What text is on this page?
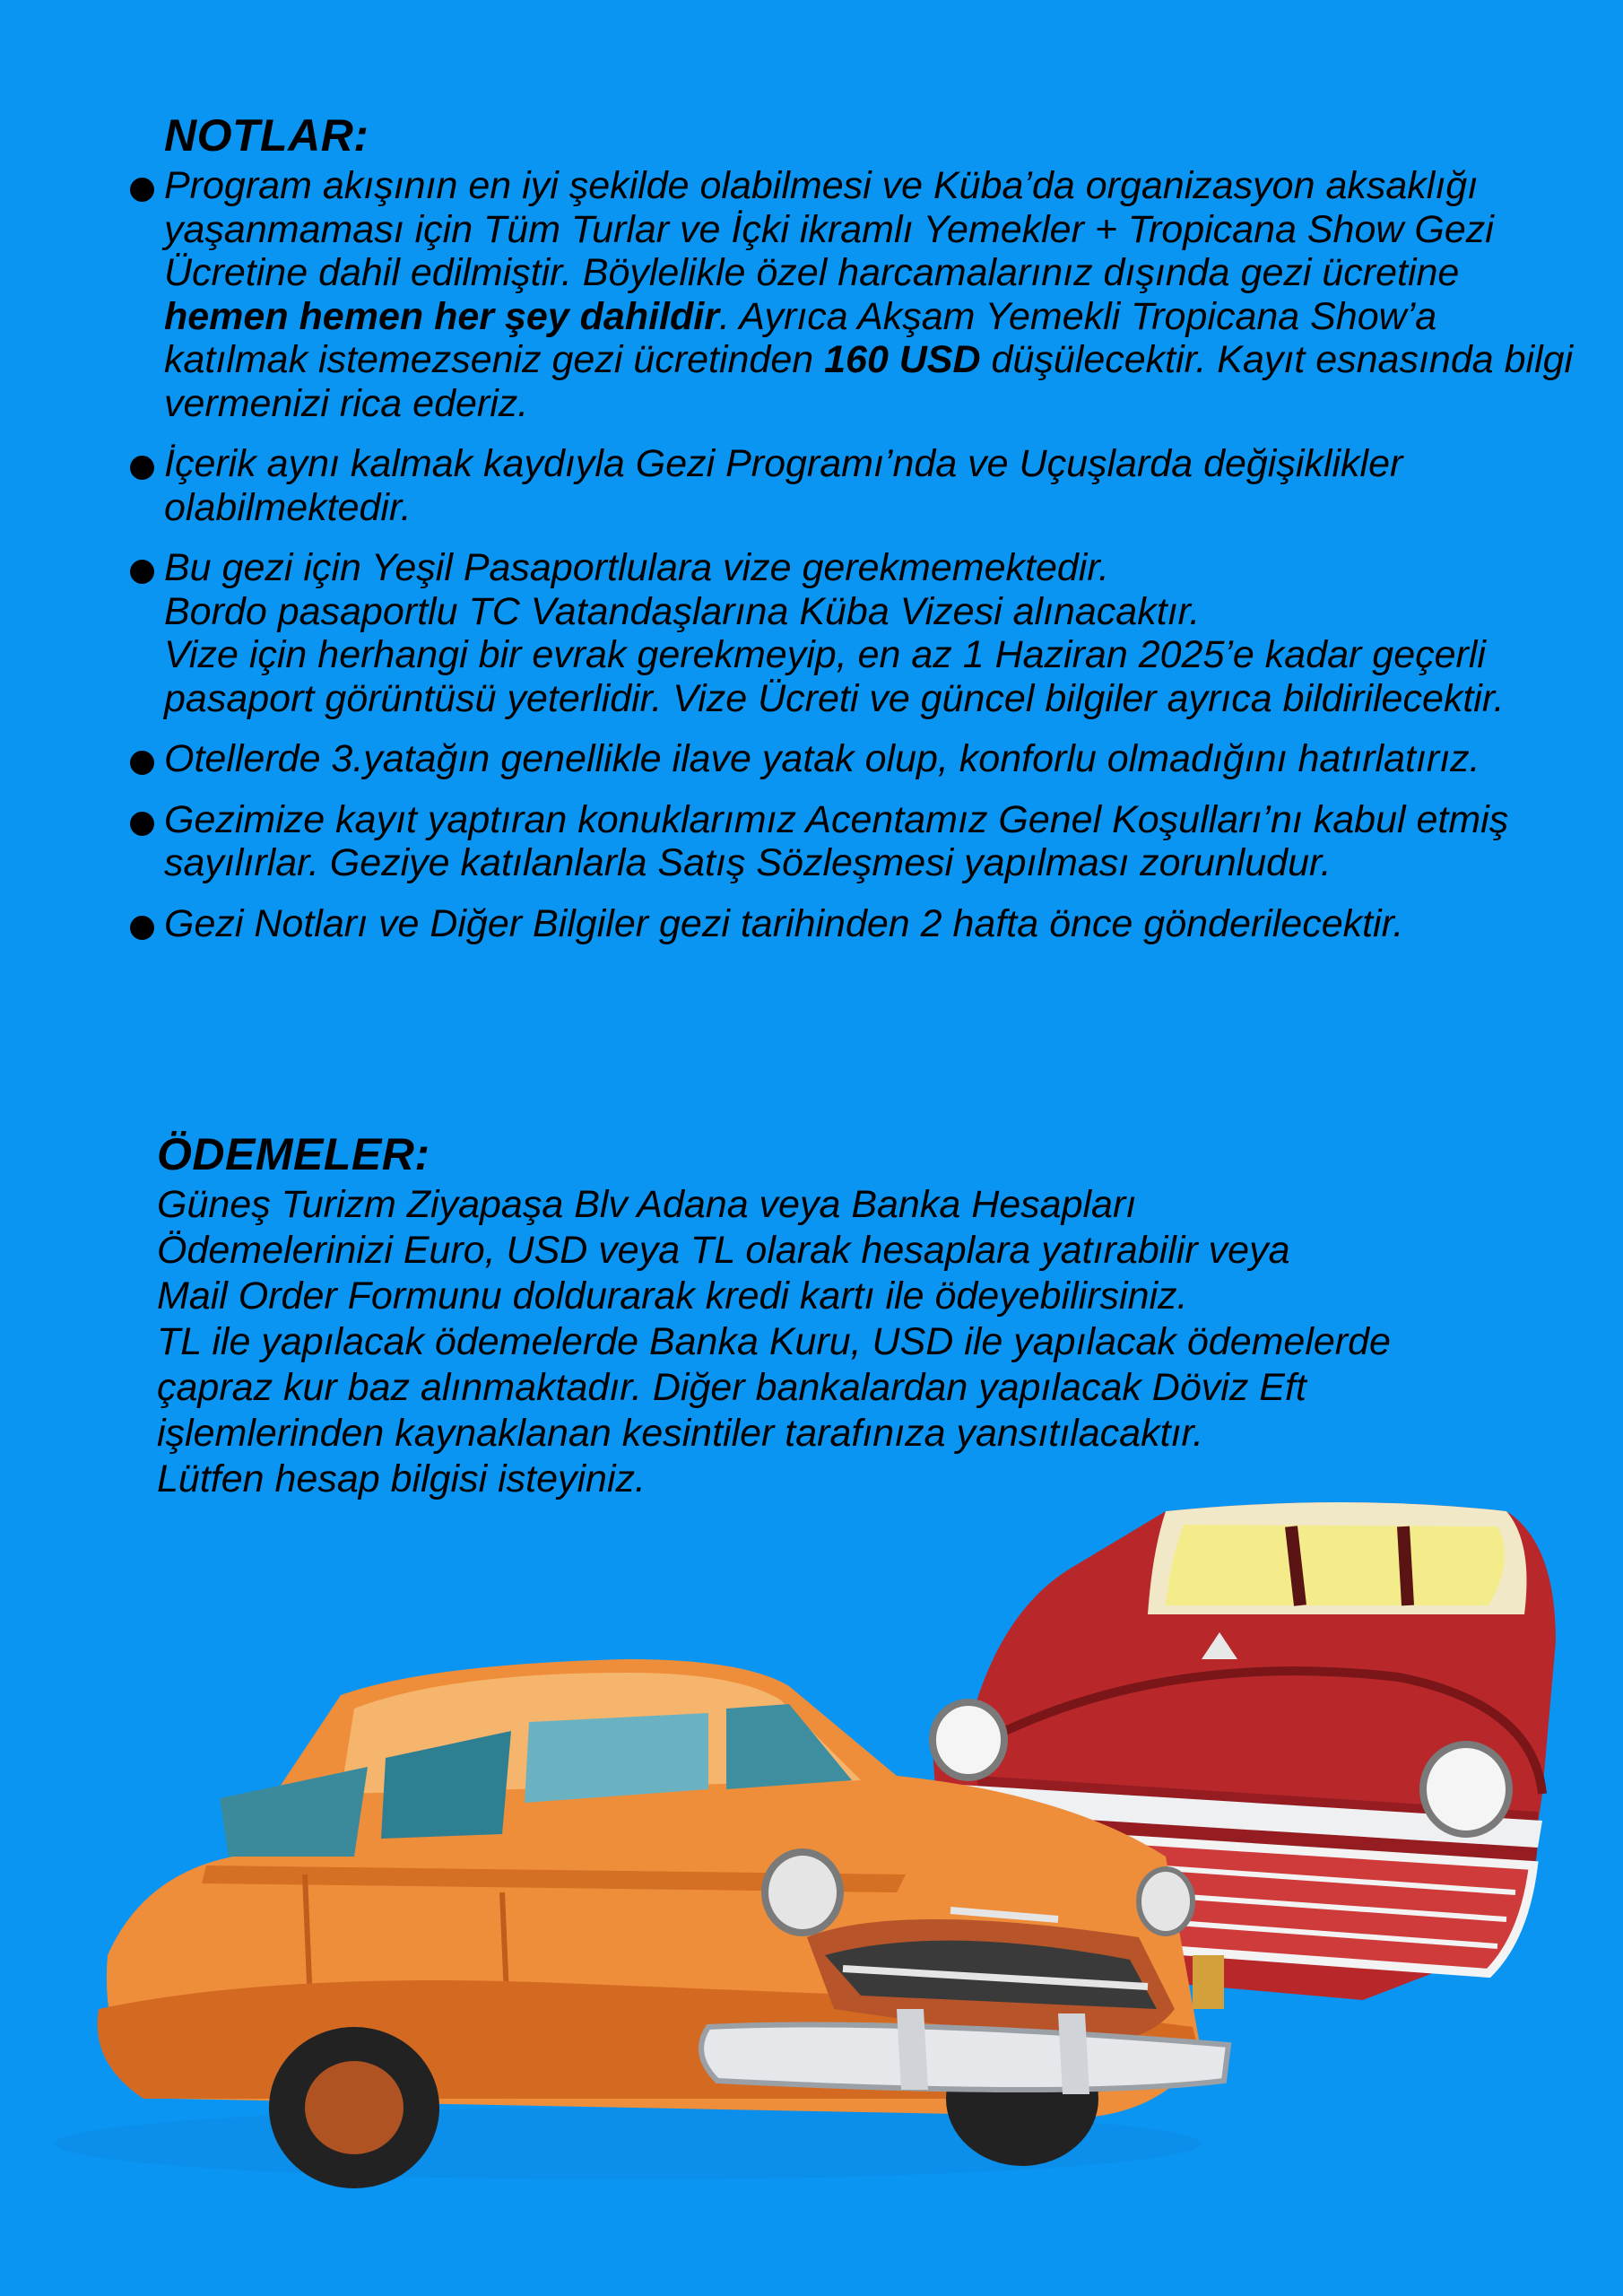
NOTLAR:

Program akışının en iyi şekilde olabilmesi ve Küba’da organizasyon aksaklığı yaşanmaması için Tüm Turlar ve İçki ikramlı Yemekler + Tropicana Show Gezi Ücretine dahil edilmiştir. Böylelikle özel harcamalarınız dışında gezi ücretine hemen hemen her şey dahildir. Ayrıca Akşam Yemekli Tropicana Show’a katılmak istemezseniz gezi ücretinden 160 USD düşülecektir. Kayıt esnasında bilgi vermenizi rica ederiz.

İçerik aynı kalmak kaydıyla Gezi Programı’nda ve Uçuşlarda değişiklikler olabilmektedir.

Bu gezi için Yeşil Pasaportlulara vize gerekmemektedir.

Bordo pasaportlu TC Vatandaşlarına Küba Vizesi alınacaktır.

Vize için herhangi bir evrak gerekmeyip, en az 1 Haziran 2025’e kadar geçerli pasaport görüntüsü yeterlidir. Vize Ücreti ve güncel bilgiler ayrıca bildirilecektir.

Otellerde 3.yatağın genellikle ilave yatak olup, konforlu olmadığını hatırlatırız.

Gezimize kayıt yaptıran konuklarımız Acentamız Genel Koşulları’nı kabul etmiş sayılırlar. Geziye katılanlarla Satış Sözleşmesi yapılması zorunludur.

Gezi Notları ve Diğer Bilgiler gezi tarihinden 2 hafta önce gönderilecektir.

ÖDEMELER:

Güneş Turizm Ziyapaşa Blv Adana veya Banka Hesapları

Ödemelerinizi Euro, USD veya TL olarak hesaplara yatırabilir veya

Mail Order Formunu doldurarak kredi kartı ile ödeyebilirsiniz.

TL ile yapılacak ödemelerde Banka Kuru, USD ile yapılacak ödemelerde

çapraz kur baz alınmaktadır. Diğer bankalardan yapılacak Döviz Eft

işlemlerinden kaynaklanan kesintiler tarafınıza yansıtılacaktır.

Lütfen hesap bilgisi isteyiniz.
